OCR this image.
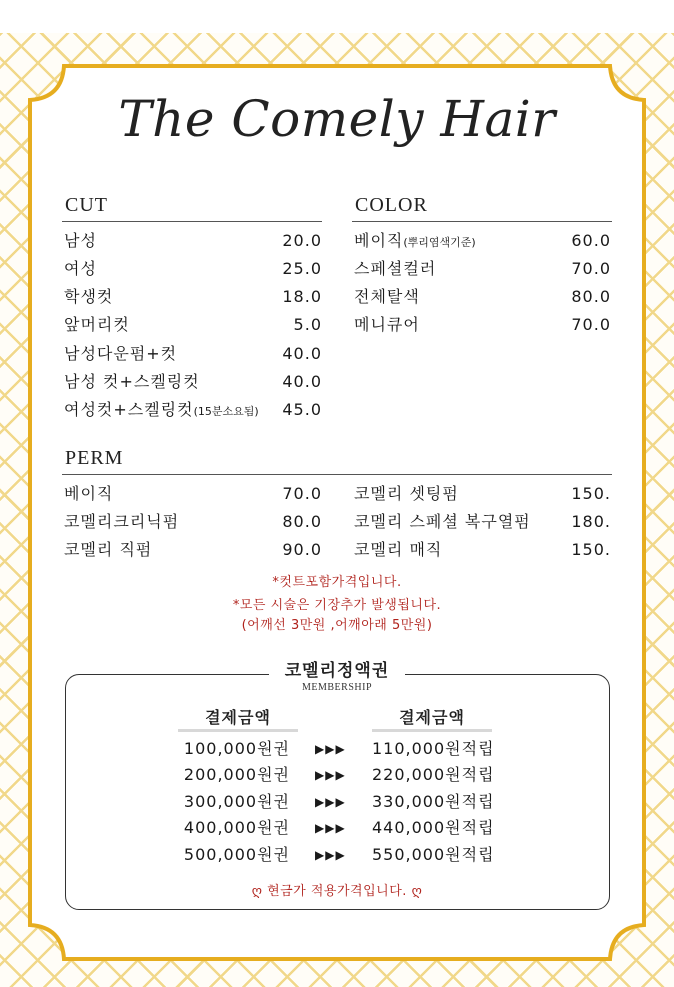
The Comely Hair
CUT
남성	20.0
여성	25.0
학생컷	18.0
앞머리컷	5.0
남성다운펌+컷	40.0
남성 컷+스켈링컷	40.0
여성컷+스켈링컷(15분소요됨) 45.0
COLOR
베이직(뿌리염색기준)	60.0
스페셜컬러	70.0
전체탈색	80.0
메니큐어	70.0
PERM
베이직	70.0
코멜리크리닉펌	80.0
코멜리 직펌	90.0
코멜리 셋팅펌	150.
코멜리 스페셜 복구열펌	180.
코멜리 매직	150.
*컷트포함가격입니다.
*모든 시술은 기장추가 발생됩니다.
(어깨선 3만원 ,어깨아래 5만원)
코멜리정액권
MEMBERSHIP
결제금액	결제금액
100,000원권 ▶▶▶ 110,000원적립
200,000원권 ▶▶▶ 220,000원적립
300,000원권 ▶▶▶ 330,000원적립
400,000원권 ▶▶▶ 440,000원적립
500,000원권 ▶▶▶ 550,000원적립
ღ 현금가 적용가격입니다. ღ
